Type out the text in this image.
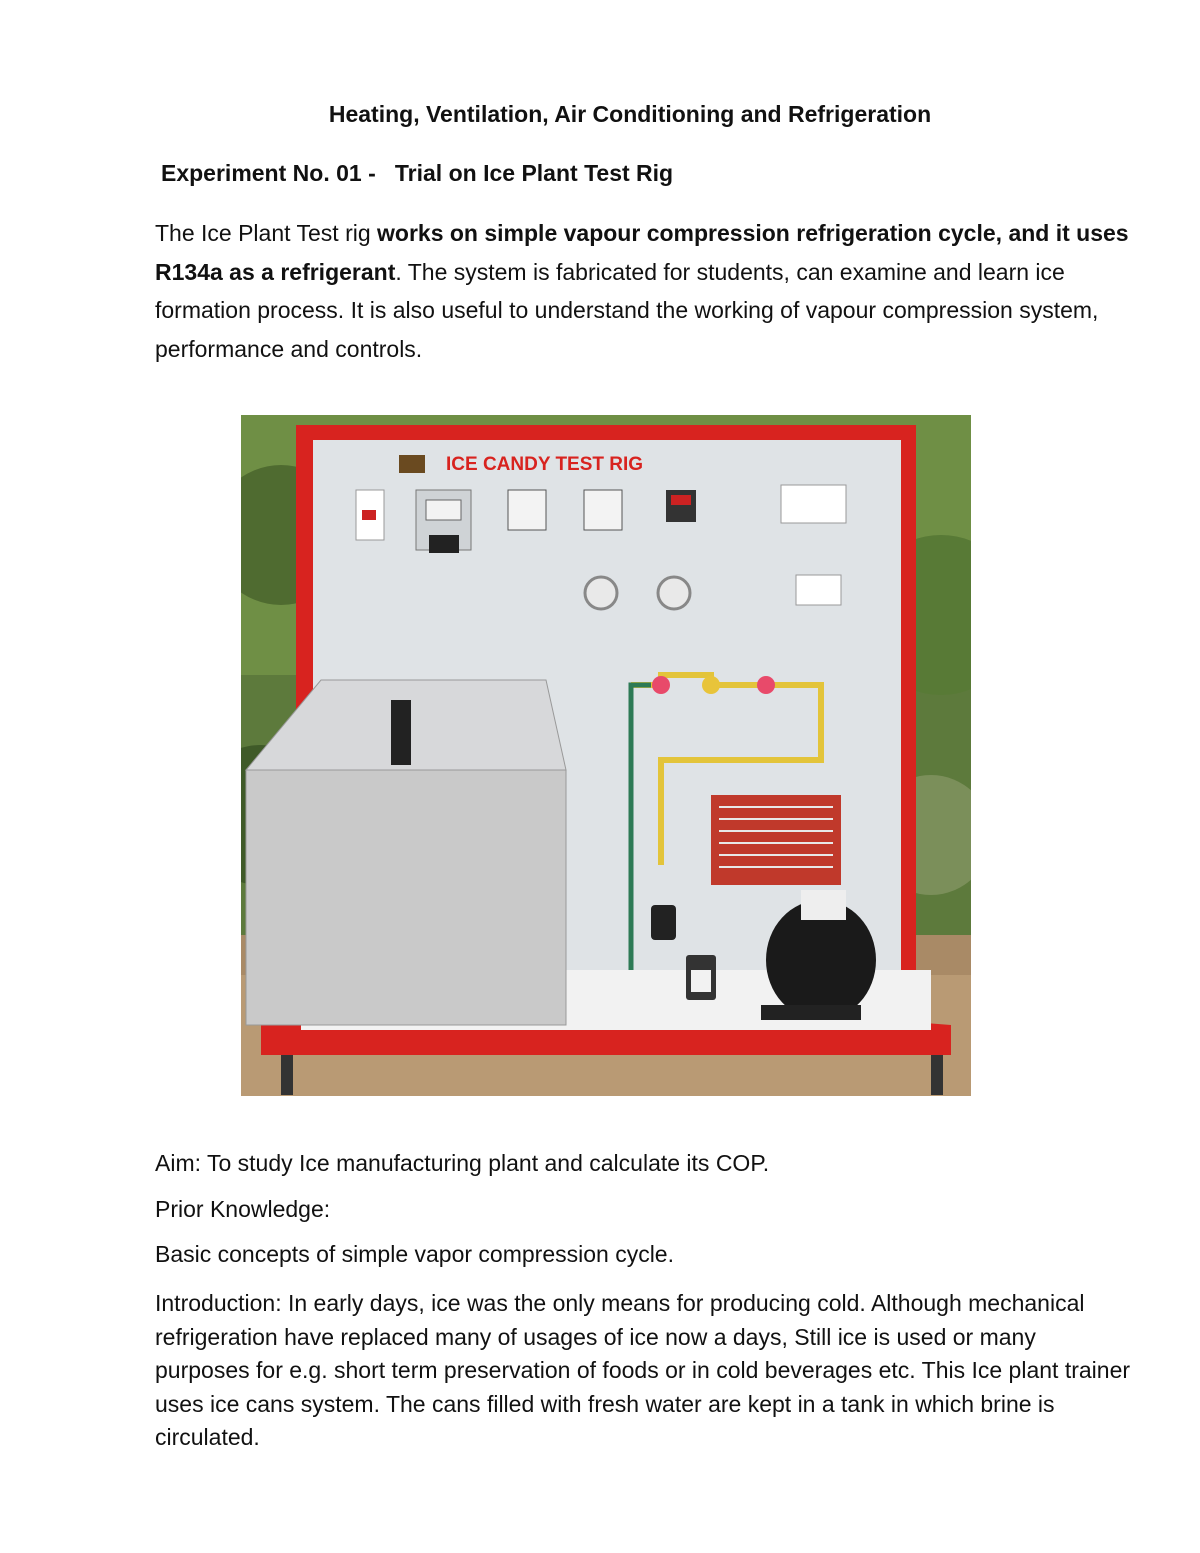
Heating, Ventilation, Air Conditioning and Refrigeration
Experiment No. 01 -   Trial on Ice Plant Test Rig
The Ice Plant Test rig works on simple vapour compression refrigeration cycle, and it uses R134a as a refrigerant. The system is fabricated for students, can examine and learn ice formation process. It is also useful to understand the working of vapour compression system, performance and controls.
ICE CANDY TEST RIG
Aim: To study Ice manufacturing plant and calculate its COP.
Prior Knowledge:
Basic concepts of simple vapor compression cycle.
Introduction: In early days, ice was the only means for producing cold. Although mechanical refrigeration have replaced many of usages of ice now a days, Still ice is used or many purposes for e.g. short term preservation of foods or in cold beverages etc. This Ice plant trainer uses ice cans system. The cans filled with fresh water are kept in a tank in which brine is circulated.
